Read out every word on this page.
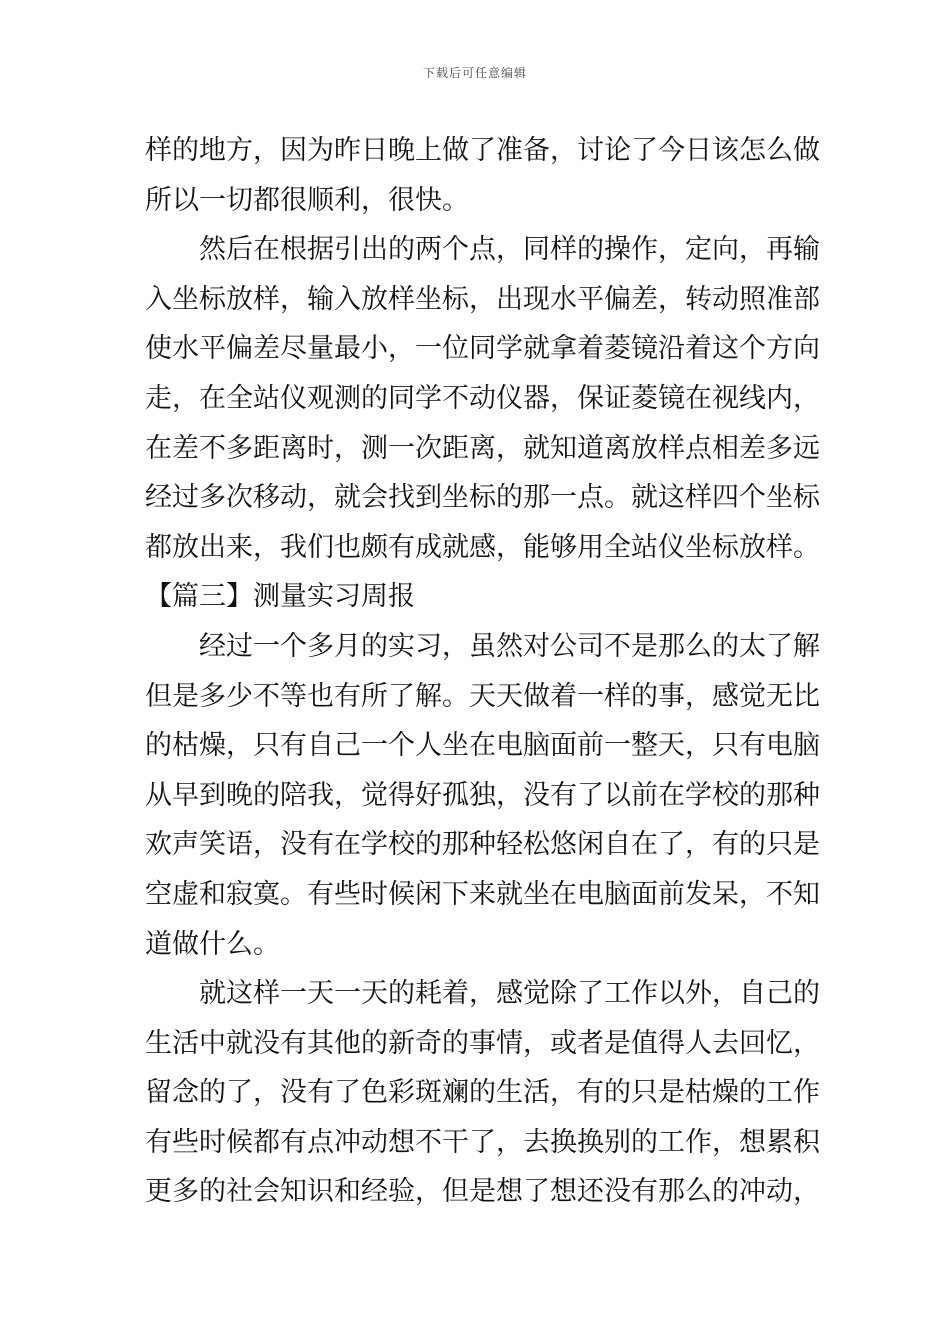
下载后可任意编辑
样的地方，因为昨日晚上做了准备，讨论了今日该怎么做
所以一切都很顺利，很快。
然后在根据引出的两个点，同样的操作，定向，再输
入坐标放样，输入放样坐标，出现水平偏差，转动照准部
使水平偏差尽量最小，一位同学就拿着菱镜沿着这个方向
走，在全站仪观测的同学不动仪器，保证菱镜在视线内，
在差不多距离时，测一次距离，就知道离放样点相差多远
经过多次移动，就会找到坐标的那一点。就这样四个坐标
都放出来，我们也颇有成就感，能够用全站仪坐标放样。
【篇三】测量实习周报
经过一个多月的实习，虽然对公司不是那么的太了解
但是多少不等也有所了解。天天做着一样的事，感觉无比
的枯燥，只有自己一个人坐在电脑面前一整天，只有电脑
从早到晚的陪我，觉得好孤独，没有了以前在学校的那种
欢声笑语，没有在学校的那种轻松悠闲自在了，有的只是
空虚和寂寞。有些时候闲下来就坐在电脑面前发呆，不知
道做什么。
就这样一天一天的耗着，感觉除了工作以外，自己的
生活中就没有其他的新奇的事情，或者是值得人去回忆，
留念的了，没有了色彩斑斓的生活，有的只是枯燥的工作
有些时候都有点冲动想不干了，去换换别的工作，想累积
更多的社会知识和经验，但是想了想还没有那么的冲动，
